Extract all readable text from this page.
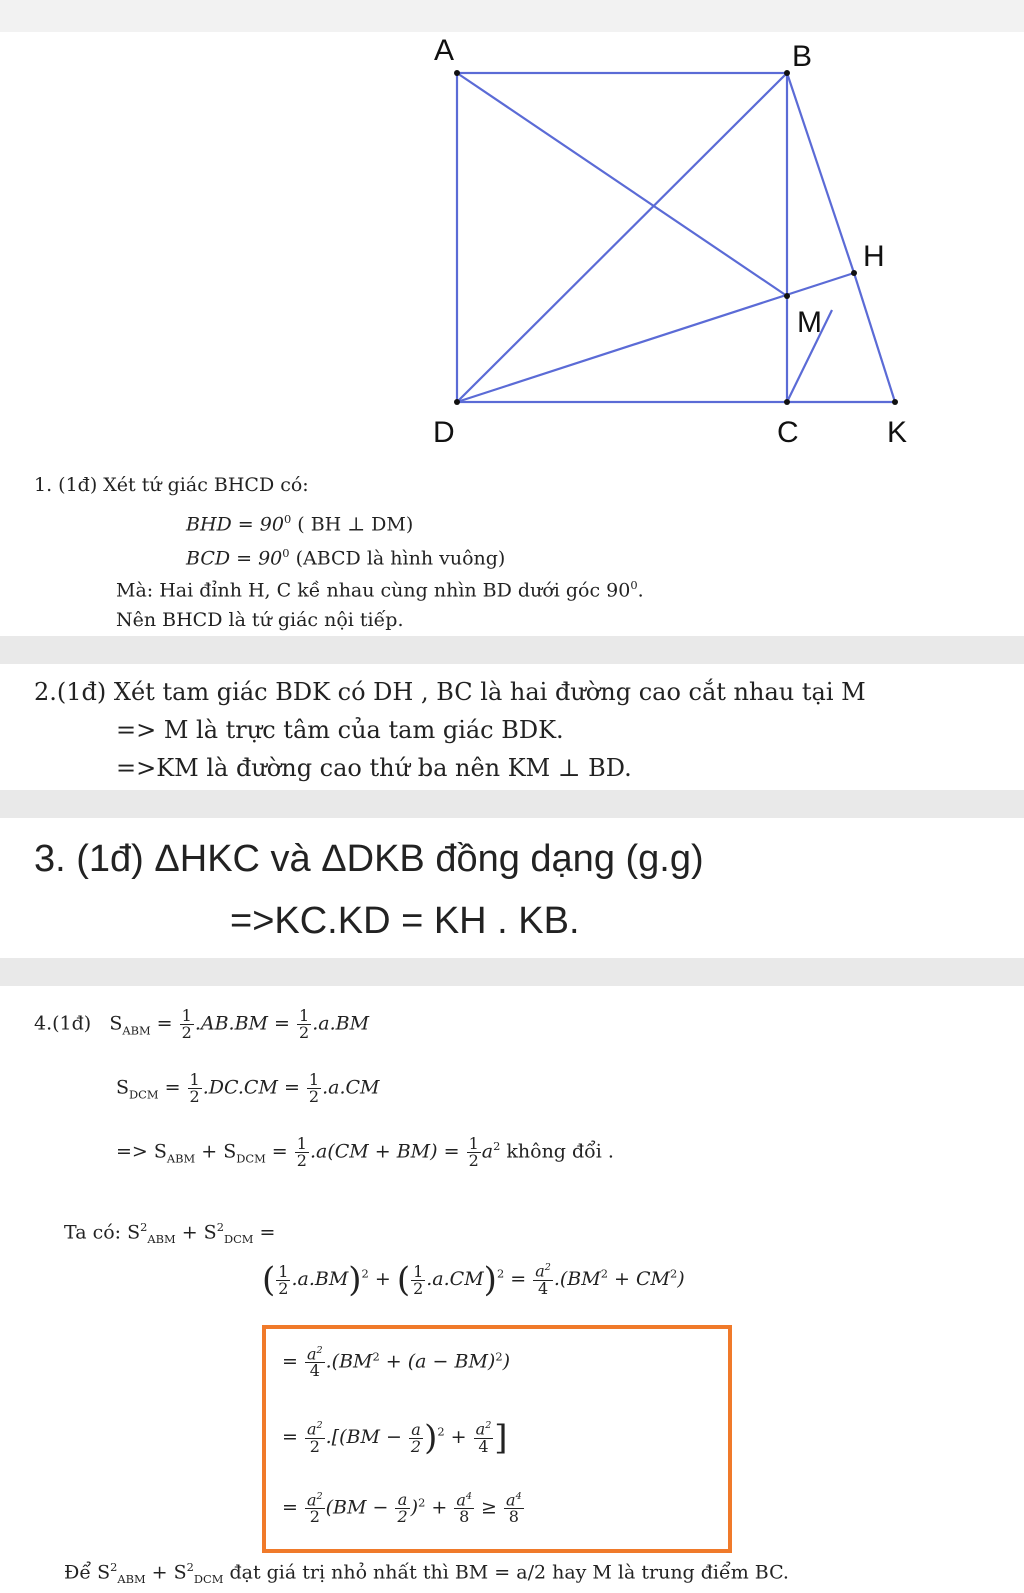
A	B
H
M
D	C	K
1. (1đ) Xét tứ giác BHCD có:
BHD = $90^0$ ( BH ⊥ DM)
BCD = $90^0$ (ABCD là hình vuông)
Mà: Hai đỉnh H, C kề nhau cùng nhìn BD dưới góc $90^0$.
Nên BHCD là tứ giác nội tiếp.
2.(1đ) Xét tam giác BDK có DH , BC là hai đường cao cắt nhau tại M
=> M là trực tâm của tam giác BDK.
=>KM là đường cao thứ ba nên KM ⊥ BD.
3. (1đ) ΔHKC và ΔDKB đồng dạng (g.g)
=>KC.KD = KH . KB.
4.(1đ) $S_{ABM} = \frac{1}{2} .AB.BM = \frac{1}{2} .a.BM$
$S_{DCM} = \frac{1}{2} .DC.CM = \frac{1}{2} .a.CM$
=> $S_{ABM} + S_{DCM} = \frac{1}{2} .a(CM + BM) = \frac{1}{2} a^2$ không đổi .
Ta có: $S^2_{ABM} + S^2_{DCM}$ =
( $\frac{1}{2} .a.BM)^2$ + ( $\frac{1}{2} .a.CM)^2 = \frac{a^2}{4} .(BM^2 + CM^2)$
= $\frac{a^2}{4} .(BM^2 + (a - BM)^2)$
= $\frac{a^2}{2} .[(BM - \frac{a}{2} )^2 + \frac{a^2}{4}$ ]
= $\frac{a^2}{2} (BM - \frac{a}{2} )^2 + \frac{a^4}{8} \ge \frac{a^4}{8}$
Để $S^2_{ABM} + S^2_{DCM}$ đạt giá trị nhỏ nhất thì BM = a/2 hay M là trung điểm BC.
